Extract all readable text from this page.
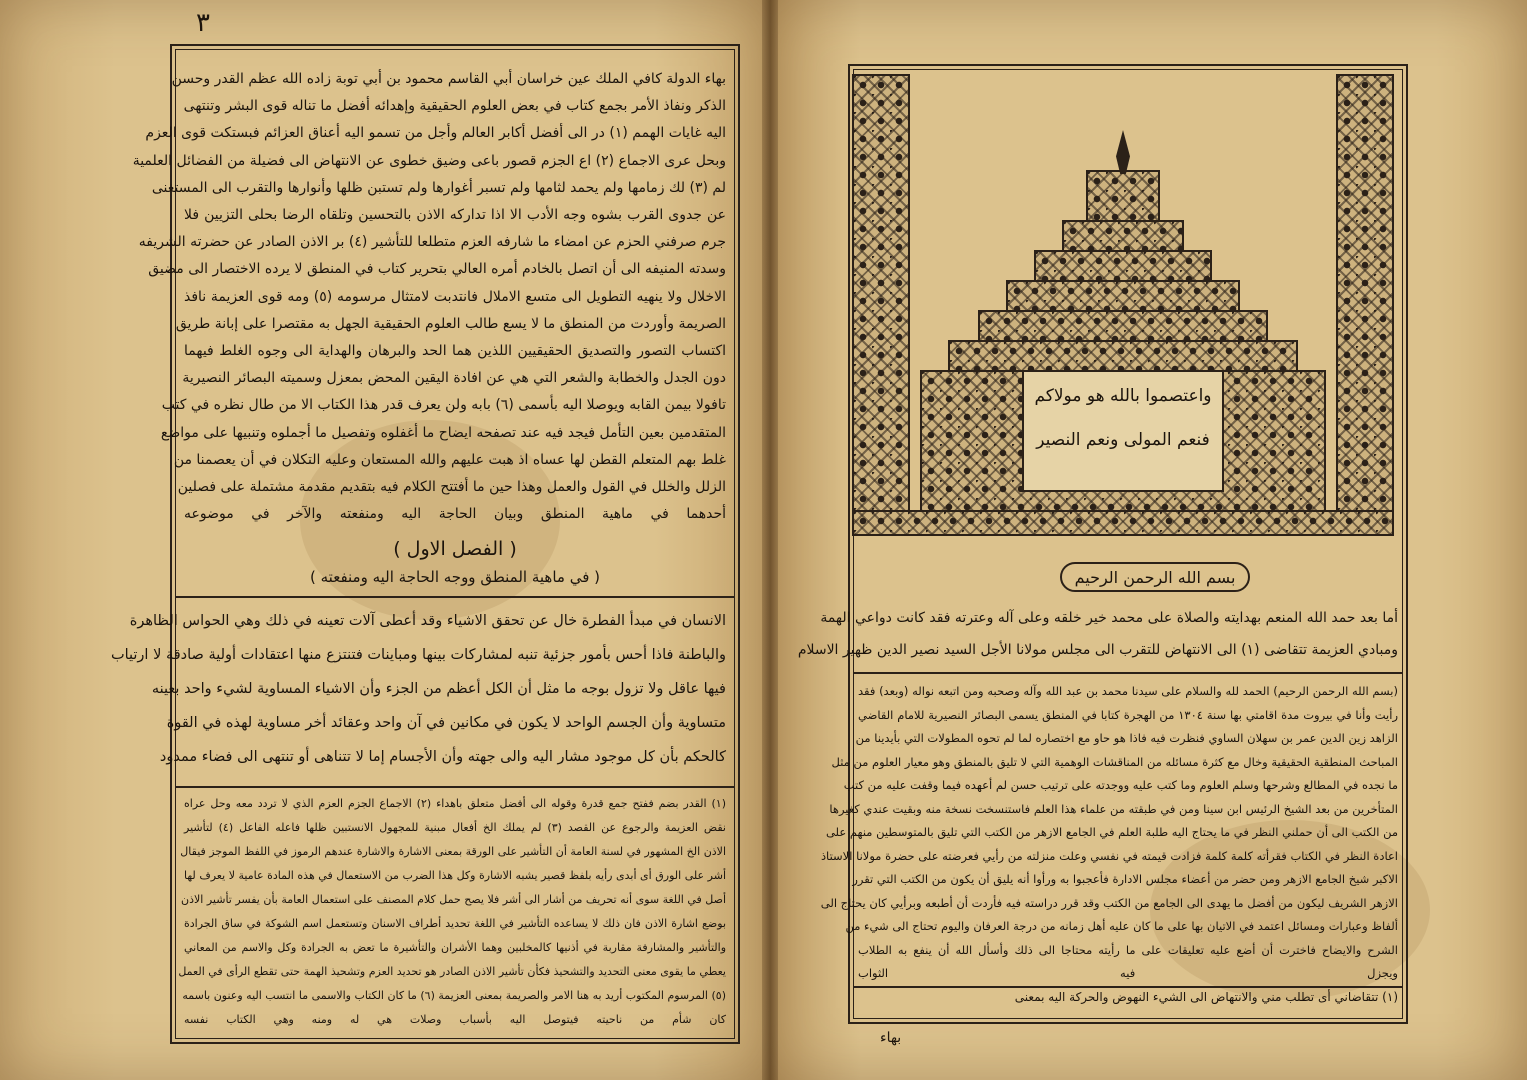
٣
بهاء الدولة كافي الملك عين خراسان أبي القاسم محمود بن أبي توبة زاده الله عظم القدر وحسن
الذكر ونفاذ الأمر بجمع كتاب في بعض العلوم الحقيقية وإهدائه أفضل ما تناله قوى البشر وتنتهى
اليه غايات الهمم (١) در الى أفضل أكابر العالم وأجل من تسمو اليه أعناق العزائم فبستكت قوى العزم
وبحل عرى الاجماع (٢) اع الجزم قصور باعى وضيق خطوى عن الانتهاض الى فضيلة من الفضائل العلمية
لم (٣) لك زمامها ولم يحمد لثامها ولم تسبر أغوارها ولم تستبن ظلها وأنوارها والتقرب الى المستغنى
عن جدوى القرب بشوه وجه الأدب الا اذا تداركه الاذن بالتحسين وتلقاه الرضا بحلى التزيين فلا
جرم صرفني الحزم عن امضاء ما شارفه العزم متطلعا للتأشير (٤) بر الاذن الصادر عن حضرته الشريفه
وسدته المنيفه الى أن اتصل بالخادم أمره العالي بتحرير كتاب في المنطق لا يرده الاختصار الى مضيق
الاخلال ولا ينهيه التطويل الى متسع الاملال فانتدبت لامتثال مرسومه (٥) ومه قوى العزيمة نافذ
الصريمة وأوردت من المنطق ما لا يسع طالب العلوم الحقيقية الجهل به مقتصرا على إبانة طريق
اكتساب التصور والتصديق الحقيقيين اللذين هما الحد والبرهان والهداية الى وجوه الغلط فيهما
دون الجدل والخطابة والشعر التي هي عن افادة اليقين المحض بمعزل وسميته البصائر النصيرية
تافولا بيمن القابه ويوصلا اليه بأسمى (٦) بابه ولن يعرف قدر هذا الكتاب الا من طال نظره في كتب
المتقدمين بعين التأمل فيجد فيه عند تصفحه ايضاح ما أغفلوه وتفصيل ما أجملوه وتنبيها على مواضع
غلط بهم المتعلم القطن لها عساه اذ هبت عليهم والله المستعان وعليه التكلان في أن يعصمنا من
الزلل والخلل في القول والعمل وهذا حين ما أفتتح الكلام فيه بتقديم مقدمة مشتملة على فصلين
أحدهما في ماهية المنطق وبيان الحاجة اليه ومنفعته والآخر في موضوعه
( الفصل الاول )
( في ماهية المنطق ووجه الحاجة اليه ومنفعته )
الانسان في مبدأ الفطرة خال عن تحقق الاشياء وقد أعطى آلات تعينه في ذلك وهي الحواس الظاهرة
والباطنة فاذا أحس بأمور جزئية تنبه لمشاركات بينها ومباينات فتنتزع منها اعتقادات أولية صادقة لا ارتياب
فيها عاقل ولا تزول بوجه ما مثل أن الكل أعظم من الجزء وأن الاشياء المساوية لشيء واحد بعينه
متساوية وأن الجسم الواحد لا يكون في مكانين في آن واحد وعقائد أخر مساوية لهذه في القوة
كالحكم بأن كل موجود مشار اليه والى جهته وأن الأجسام إما لا تتناهى أو تنتهى الى فضاء ممدود
(١) القدر بضم ففتح جمع قدرة وقوله الى أفضل متعلق باهداء (٢) الاجماع الجزم العزم الذي لا تردد معه وحل عراه
نقض العزيمة والرجوع عن القصد (٣) لم يملك الخ أفعال مبنية للمجهول الانستبين ظلها فاعله الفاعل (٤) لتأشير
الاذن الخ المشهور في لسنة العامة أن التأشير على الورقة بمعنى الاشارة والاشارة عندهم الرموز في اللفظ الموجز فيقال
أشر على الورق أى أبدى رأيه بلفظ قصير يشبه الاشارة وكل هذا الضرب من الاستعمال في هذه المادة عامية لا يعرف لها
أصل في اللغة سوى أنه تحريف من أشار الى أشر فلا يصح حمل كلام المصنف على استعمال العامة بأن يفسر تأشير الاذن
بوضع اشارة الاذن فان ذلك لا يساعده التأشير في اللغة تحديد أطراف الاسنان وتستعمل اسم الشوكة في ساق الجرادة
والتأشير والمشارفة مقاربة في أذنيها كالمخلبين وهما الأشران والتأشيرة ما تعض به الجرادة وكل والاسم من المعاني
يعطي ما يقوى معنى التحديد والتشحيذ فكأن تأشير الاذن الصادر هو تحديد العزم وتشحيذ الهمة حتى تقطع الرأى في العمل
(٥) المرسوم المكتوب أريد به هنا الامر والصريمة بمعنى العزيمة (٦) ما كان الكتاب والاسمى ما انتسب اليه وعنون باسمه
كان شأم من ناحيته فيتوصل اليه بأسباب وصلات هي له ومنه وهي الكتاب نفسه
واعتصموا بالله هو مولاكم
فنعم المولى ونعم النصير
بسم الله الرحمن الرحيم
أما بعد حمد الله المنعم بهدايته والصلاة على محمد خير خلقه وعلى آله وعترته فقد كانت دواعي الهمة
ومبادي العزيمة تتقاضى (١) الى الانتهاض للتقرب الى مجلس مولانا الأجل السيد نصير الدين ظهير الاسلام
(بسم الله الرحمن الرحيم) الحمد لله والسلام على سيدنا محمد بن عبد الله وآله وصحبه ومن اتبعه نواله (وبعد) فقد
رأيت وأنا في بيروت مدة اقامتي بها سنة ١٣٠٤ من الهجرة كتابا في المنطق يسمى البصائر النصيرية للامام القاضي
الزاهد زين الدين عمر بن سهلان الساوي فنظرت فيه فاذا هو حاو مع اختصاره لما لم تحوه المطولات التي بأيدينا من
المباحث المنطقية الحقيقية وخال مع كثرة مسائله من المناقشات الوهمية التي لا تليق بالمنطق وهو معيار العلوم من مثل
ما نجده في المطالع وشرحها وسلم العلوم وما كتب عليه ووجدته على ترتيب حسن لم أعهده فيما وقفت عليه من كتب
المتأخرين من بعد الشيخ الرئيس ابن سينا ومن في طبقته من علماء هذا العلم فاستنسخت نسخة منه وبقيت عندي كغيرها
من الكتب الى أن حملني النظر في ما يحتاج اليه طلبة العلم في الجامع الازهر من الكتب التي تليق بالمتوسطين منهم على
اعادة النظر في الكتاب فقرأته كلمة كلمة فزادت قيمته في نفسي وعلت منزلته من رأيي فعرضته على حضرة مولانا الاستاذ
الاكبر شيخ الجامع الازهر ومن حضر من أعضاء مجلس الادارة فأعجبوا به ورأوا أنه يليق أن يكون من الكتب التي تقرر
الازهر الشريف ليكون من أفضل ما يهدى الى الجامع من الكتب وقد قرر دراسته فيه فأردت أن أطبعه وبرأيي كان يحتاج الى
ألفاظ وعبارات ومسائل اعتمد في الاتيان بها على ما كان عليه أهل زمانه من درجة العرفان واليوم تحتاج الى شيء من
الشرح والايضاح فاخترت أن أضع عليه تعليقات على ما رأيته محتاجا الى ذلك وأسأل الله أن ينفع به الطلاب
ويجزل فيه الثواب
(١) تتقاضاني أى تطلب مني والانتهاض الى الشيء النهوض والحركة اليه بمعنى
بهاء
